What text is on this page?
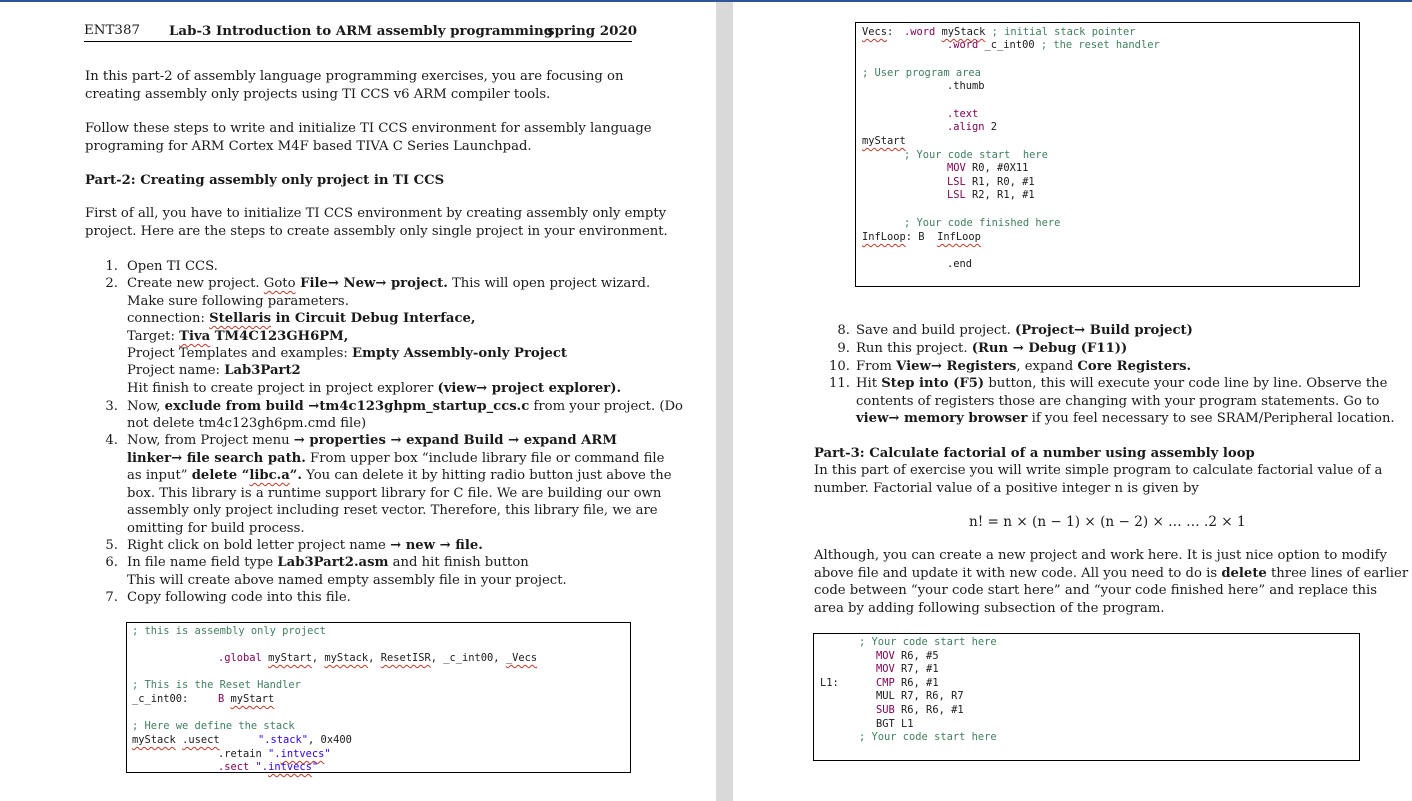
ENT387 Lab-3 Introduction to ARM assembly programming
spring 2020
In this part-2 of assembly language programming exercises, you are focusing on
creating assembly only projects using TI CCS v6 ARM compiler tools.
Follow these steps to write and initialize TI CCS environment for assembly language
programing for ARM Cortex M4F based TIVA C Series Launchpad.
Part-2: Creating assembly only project in TI CCS
First of all, you have to initialize TI CCS environment by creating assembly only empty
project. Here are the steps to create assembly only single project in your environment.
1. Open TI CCS.
2. Create new project. Goto File→ New→ project. This will open project wizard.
Make sure following parameters.
connection: Stellaris in Circuit Debug Interface,
Target: Tiva TM4C123GH6PM,
Project Templates and examples: Empty Assembly-only Project
Project name: Lab3Part2
Hit finish to create project in project explorer (view→ project explorer).
3. Now, exclude from build →tm4c123ghpm_startup_ccs.c from your project. (Do
not delete tm4c123gh6pm.cmd file)
4. Now, from Project menu → properties → expand Build → expand ARM
linker→ file search path. From upper box “include library file or command file
as input” delete “libc.a”. You can delete it by hitting radio button just above the
box. This library is a runtime support library for C file. We are building our own
assembly only project including reset vector. Therefore, this library file, we are
omitting for build process.
5. Right click on bold letter project name → new → file.
6. In file name field type Lab3Part2.asm and hit finish button
This will create above named empty assembly file in your project.
7. Copy following code into this file.
; this is assembly only project
.global myStart, myStack, ResetISR, _c_int00, _Vecs
; This is the Reset Handler
_c_int00:	B myStart
; Here we define the stack
myStack .usect	".stack", 0x400
.retain ".intvecs"
.sect ".intvecs"
Vecs: .word myStack ; initial stack pointer
.word _c_int00 ; the reset handler
; User program area
.thumb
.text
.align 2
myStart
; Your code start  here
MOV R0, #0X11
LSL R1, R0, #1
LSL R2, R1, #1
; Your code finished here
InfLoop: B  InfLoop
.end
8. Save and build project. (Project→ Build project)
9. Run this project. (Run → Debug (F11))
10. From View→ Registers, expand Core Registers.
11. Hit Step into (F5) button, this will execute your code line by line. Observe the
contents of registers those are changing with your program statements. Go to
view→ memory browser if you feel necessary to see SRAM/Peripheral location.
Part-3: Calculate factorial of a number using assembly loop
In this part of exercise you will write simple program to calculate factorial value of a
number. Factorial value of a positive integer n is given by
n! = n × (n − 1) × (n − 2) × … … .2 × 1
Although, you can create a new project and work here. It is just nice option to modify
above file and update it with new code. All you need to do is delete three lines of earlier
code between “your code start here” and “your code finished here” and replace this
area by adding following subsection of the program.
; Your code start here
MOV R6, #5
MOV R7, #1
L1:	CMP R6, #1
MUL R7, R6, R7
SUB R6, R6, #1
BGT L1
; Your code start here
